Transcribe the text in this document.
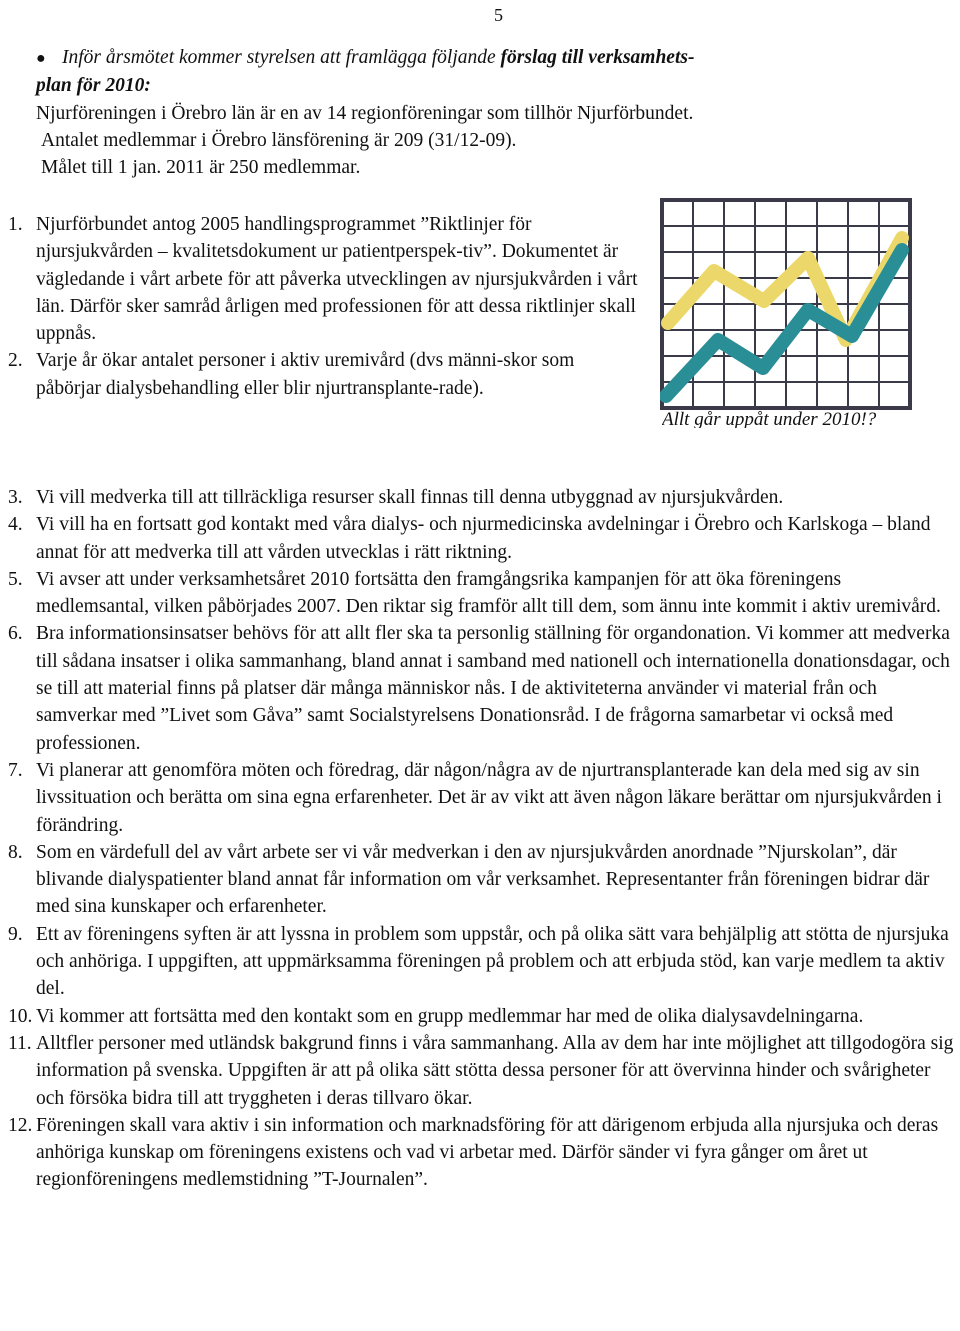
5
● Inför årsmötet kommer styrelsen att framlägga följande förslag till verksamhets-
plan för 2010:
Njurföreningen i Örebro län är en av 14 regionföreningar som tillhör Njurförbundet.
Antalet medlemmar i Örebro länsförening är 209 (31/12-09).
Målet till 1 jan. 2011 är 250 medlemmar.
Allt går uppåt under 2010!?
1. Njurförbundet antog 2005 handlingsprogrammet ”Riktlinjer för njursjukvården – kvalitetsdokument ur patientperspek-tiv”. Dokumentet är vägledande i vårt arbete för att påverka utvecklingen av njursjukvården i vårt län. Därför sker samråd årligen med professionen för att dessa riktlinjer skall uppnås.
2. Varje år ökar antalet personer i aktiv uremivård (dvs männi-skor som påbörjar dialysbehandling eller blir njurtransplante-rade).
3. Vi vill medverka till att tillräckliga resurser skall finnas till denna utbyggnad av njursjukvården.
4. Vi vill ha en fortsatt god kontakt med våra dialys- och njurmedicinska avdelningar i Örebro och Karlskoga – bland annat för att medverka till att vården utvecklas i rätt riktning.
5. Vi avser att under verksamhetsåret 2010 fortsätta den framgångsrika kampanjen för att öka föreningens medlemsantal, vilken påbörjades 2007. Den riktar sig framför allt till dem, som ännu inte kommit i aktiv uremivård.
6. Bra informationsinsatser behövs för att allt fler ska ta personlig ställning för organdonation. Vi kommer att medverka till sådana insatser i olika sammanhang, bland annat i samband med nationell och internationella donationsdagar, och se till att material finns på platser där många människor nås. I de aktiviteterna använder vi material från och samverkar med ”Livet som Gåva” samt Socialstyrelsens Donationsråd. I de frågorna samarbetar vi också med professionen.
7. Vi planerar att genomföra möten och föredrag, där någon/några av de njurtransplanterade kan dela med sig av sin livssituation och berätta om sina egna erfarenheter. Det är av vikt att även någon läkare berättar om njursjukvården i förändring.
8. Som en värdefull del av vårt arbete ser vi vår medverkan i den av njursjukvården anordnade ”Njurskolan”, där blivande dialyspatienter bland annat får information om vår verksamhet. Representanter från föreningen bidrar där med sina kunskaper och erfarenheter.
9. Ett av föreningens syften är att lyssna in problem som uppstår, och på olika sätt vara behjälplig att stötta de njursjuka och anhöriga. I uppgiften, att uppmärksamma föreningen på problem och att erbjuda stöd, kan varje medlem ta aktiv del.
10. Vi kommer att fortsätta med den kontakt som en grupp medlemmar har med de olika dialysavdelningarna.
11. Alltfler personer med utländsk bakgrund finns i våra sammanhang. Alla av dem har inte möjlighet att tillgodogöra sig information på svenska. Uppgiften är att på olika sätt stötta dessa personer för att övervinna hinder och svårigheter och försöka bidra till att tryggheten i deras tillvaro ökar.
12. Föreningen skall vara aktiv i sin information och marknadsföring för att därigenom erbjuda alla njursjuka och deras anhöriga kunskap om föreningens existens och vad vi arbetar med. Därför sänder vi fyra gånger om året ut regionföreningens medlemstidning ”T-Journalen”.
